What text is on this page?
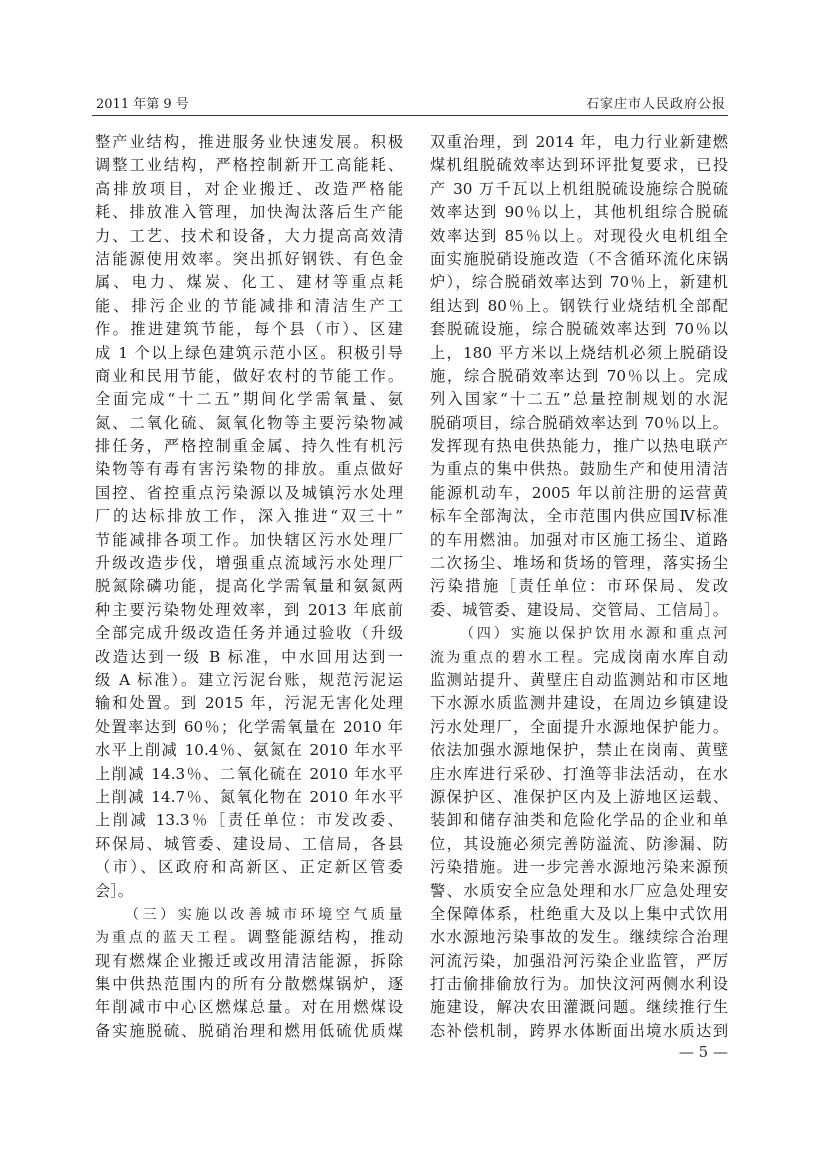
2011 年第 9 号	石家庄市人民政府公报
整产业结构，推进服务业快速发展。积极
调整工业结构，严格控制新开工高能耗、
高排放项目，对企业搬迁、改造严格能
耗、排放准入管理，加快淘汰落后生产能
力、工艺、技术和设备，大力提高高效清
洁能源使用效率。突出抓好钢铁、有色金
属、电力、煤炭、化工、建材等重点耗
能、排污企业的节能减排和清洁生产工
作。推进建筑节能，每个县（市）、区建
成 1 个以上绿色建筑示范小区。积极引导
商业和民用节能，做好农村的节能工作。
全面完成“十二五”期间化学需氧量、氨
氮、二氧化硫、氮氧化物等主要污染物减
排任务，严格控制重金属、持久性有机污
染物等有毒有害污染物的排放。重点做好
国控、省控重点污染源以及城镇污水处理
厂的达标排放工作，深入推进“双三十”
节能减排各项工作。加快辖区污水处理厂
升级改造步伐，增强重点流域污水处理厂
脱氮除磷功能，提高化学需氧量和氨氮两
种主要污染物处理效率，到 2013 年底前
全部完成升级改造任务并通过验收（升级
改造达到一级 B 标准，中水回用达到一
级 A 标准）。建立污泥台账，规范污泥运
输和处置。到 2015 年，污泥无害化处理
处置率达到 60％；化学需氧量在 2010 年
水平上削减 10.4％、氨氮在 2010 年水平
上削减 14.3％、二氧化硫在 2010 年水平
上削减 14.7％、氮氧化物在 2010 年水平
上削减 13.3％［责任单位：市发改委、
环保局、城管委、建设局、工信局，各县
（市）、区政府和高新区、正定新区管委
会］。
（三）实施以改善城市环境空气质量
为重点的蓝天工程。调整能源结构，推动
现有燃煤企业搬迁或改用清洁能源，拆除
集中供热范围内的所有分散燃煤锅炉，逐
年削减市中心区燃煤总量。对在用燃煤设
备实施脱硫、脱硝治理和燃用低硫优质煤
双重治理，到 2014 年，电力行业新建燃
煤机组脱硫效率达到环评批复要求，已投
产 30 万千瓦以上机组脱硫设施综合脱硫
效率达到 90％以上，其他机组综合脱硫
效率达到 85％以上。对现役火电机组全
面实施脱硝设施改造（不含循环流化床锅
炉），综合脱硝效率达到 70％上，新建机
组达到 80％上。钢铁行业烧结机全部配
套脱硫设施，综合脱硫效率达到 70％以
上，180 平方米以上烧结机必须上脱硝设
施，综合脱硝效率达到 70％以上。完成
列入国家“十二五”总量控制规划的水泥
脱硝项目，综合脱硝效率达到 70％以上。
发挥现有热电供热能力，推广以热电联产
为重点的集中供热。鼓励生产和使用清洁
能源机动车，2005 年以前注册的运营黄
标车全部淘汰，全市范围内供应国Ⅳ标准
的车用燃油。加强对市区施工扬尘、道路
二次扬尘、堆场和货场的管理，落实扬尘
污染措施［责任单位：市环保局、发改
委、城管委、建设局、交管局、工信局］。
（四）实施以保护饮用水源和重点河
流为重点的碧水工程。完成岗南水库自动
监测站提升、黄壁庄自动监测站和市区地
下水源水质监测井建设，在周边乡镇建设
污水处理厂，全面提升水源地保护能力。
依法加强水源地保护，禁止在岗南、黄壁
庄水库进行采砂、打渔等非法活动，在水
源保护区、准保护区内及上游地区运载、
装卸和储存油类和危险化学品的企业和单
位，其设施必须完善防溢流、防渗漏、防
污染措施。进一步完善水源地污染来源预
警、水质安全应急处理和水厂应急处理安
全保障体系，杜绝重大及以上集中式饮用
水水源地污染事故的发生。继续综合治理
河流污染，加强沿河污染企业监管，严厉
打击偷排偷放行为。加快汶河两侧水利设
施建设，解决农田灌溉问题。继续推行生
态补偿机制，跨界水体断面出境水质达到
— 5 —
